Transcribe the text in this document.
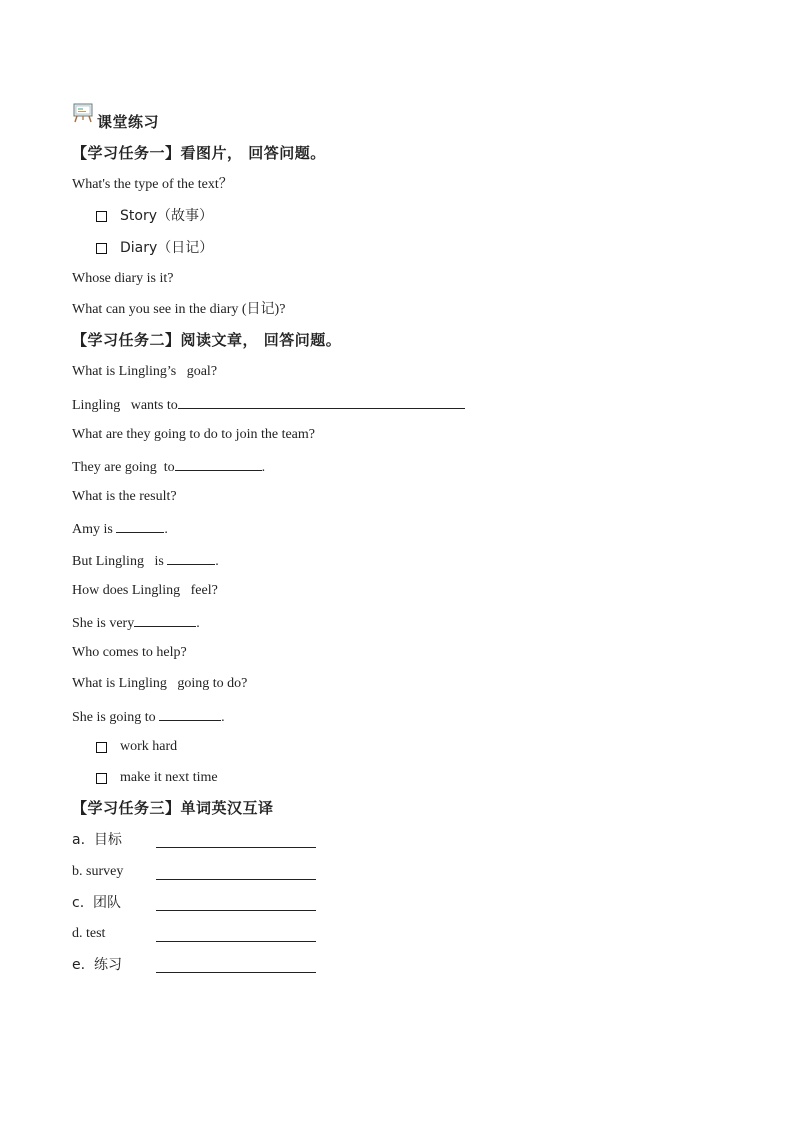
课堂练习
【学习任务一】看图片， 回答问题。
What's the type of the text？
Story（故事）
Diary（日记）
Whose diary is it?
What can you see in the diary (日记)?
【学习任务二】阅读文章， 回答问题。
What is Lingling’s   goal?
Lingling   wants to
What are they going to do to join the team?
They are going  to	.
What is the result?
Amy is	.
But Lingling   is	.
How does Lingling   feel?
She is very	.
Who comes to help?
What is Lingling   going to do?
She is going to	.
work hard
make it next time
【学习任务三】单词英汉互译
a.  目标
b. survey
c.  团队
d. test
e.  练习
